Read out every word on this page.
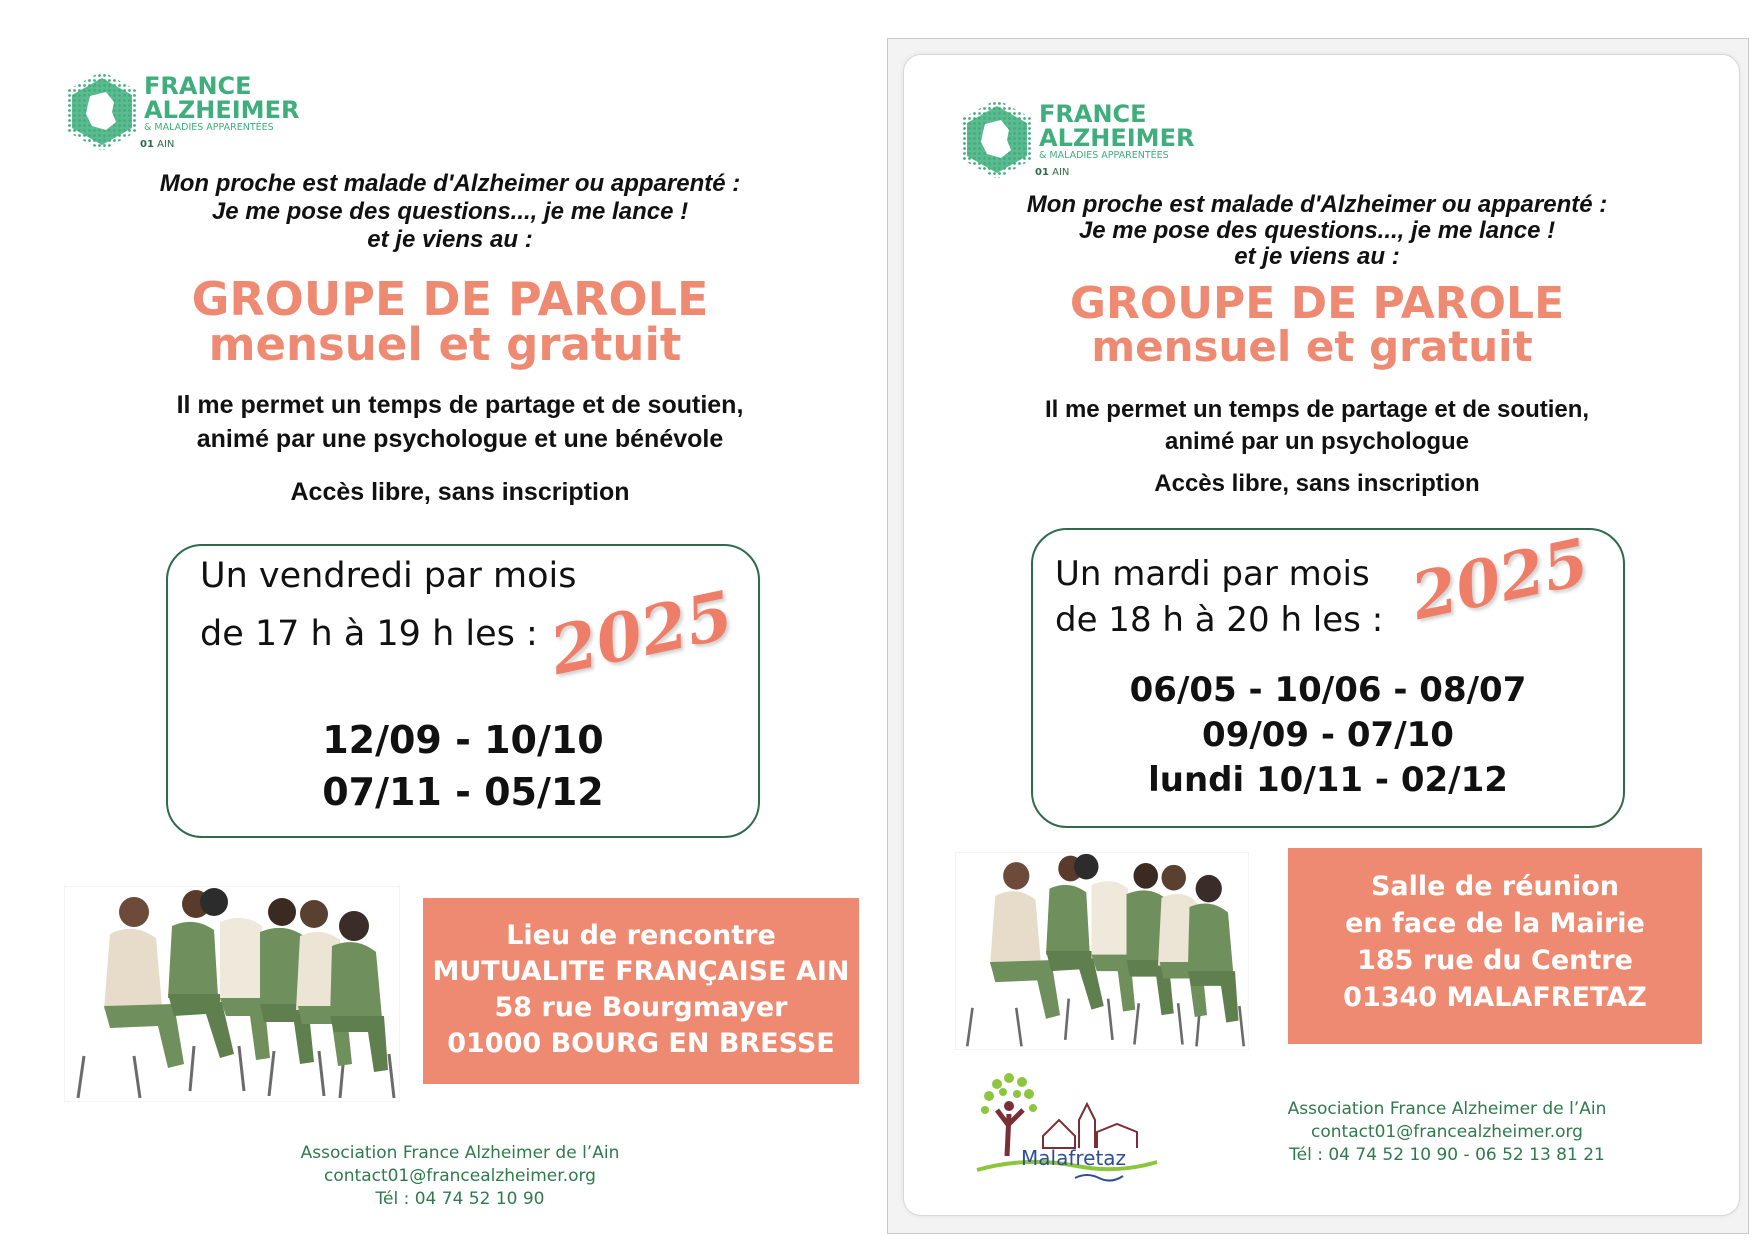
FRANCE
ALZHEIMER
& MALADIES APPARENTÉES
01 AIN
Mon proche est malade d'Alzheimer ou apparenté :
Je me pose des questions..., je me lance !
et je viens au :
GROUPE DE PAROLE
mensuel et gratuit
Il me permet un temps de partage et de soutien,
animé par une psychologue et une bénévole
Accès libre, sans inscription
Un vendredi par mois
de 17 h à 19 h les : 2025
12/09 - 10/10
07/11 - 05/12
Lieu de rencontre
MUTUALITE FRANÇAISE AIN
58 rue Bourgmayer
01000 BOURG EN BRESSE
Association France Alzheimer de l’Ain
contact01@francealzheimer.org
Tél : 04 74 52 10 90
FRANCE
ALZHEIMER
& MALADIES APPARENTÉES
01 AIN
Mon proche est malade d'Alzheimer ou apparenté :
Je me pose des questions..., je me lance !
et je viens au :
GROUPE DE PAROLE
mensuel et gratuit
Il me permet un temps de partage et de soutien,
animé par un psychologue
Accès libre, sans inscription
Un mardi par mois
de 18 h à 20 h les : 2025
06/05 - 10/06 - 08/07
09/09 - 07/10
lundi 10/11 - 02/12
Salle de réunion
en face de la Mairie
185 rue du Centre
01340 MALAFRETAZ
Malafretaz
Association France Alzheimer de l’Ain
contact01@francealzheimer.org
Tél : 04 74 52 10 90 - 06 52 13 81 21
